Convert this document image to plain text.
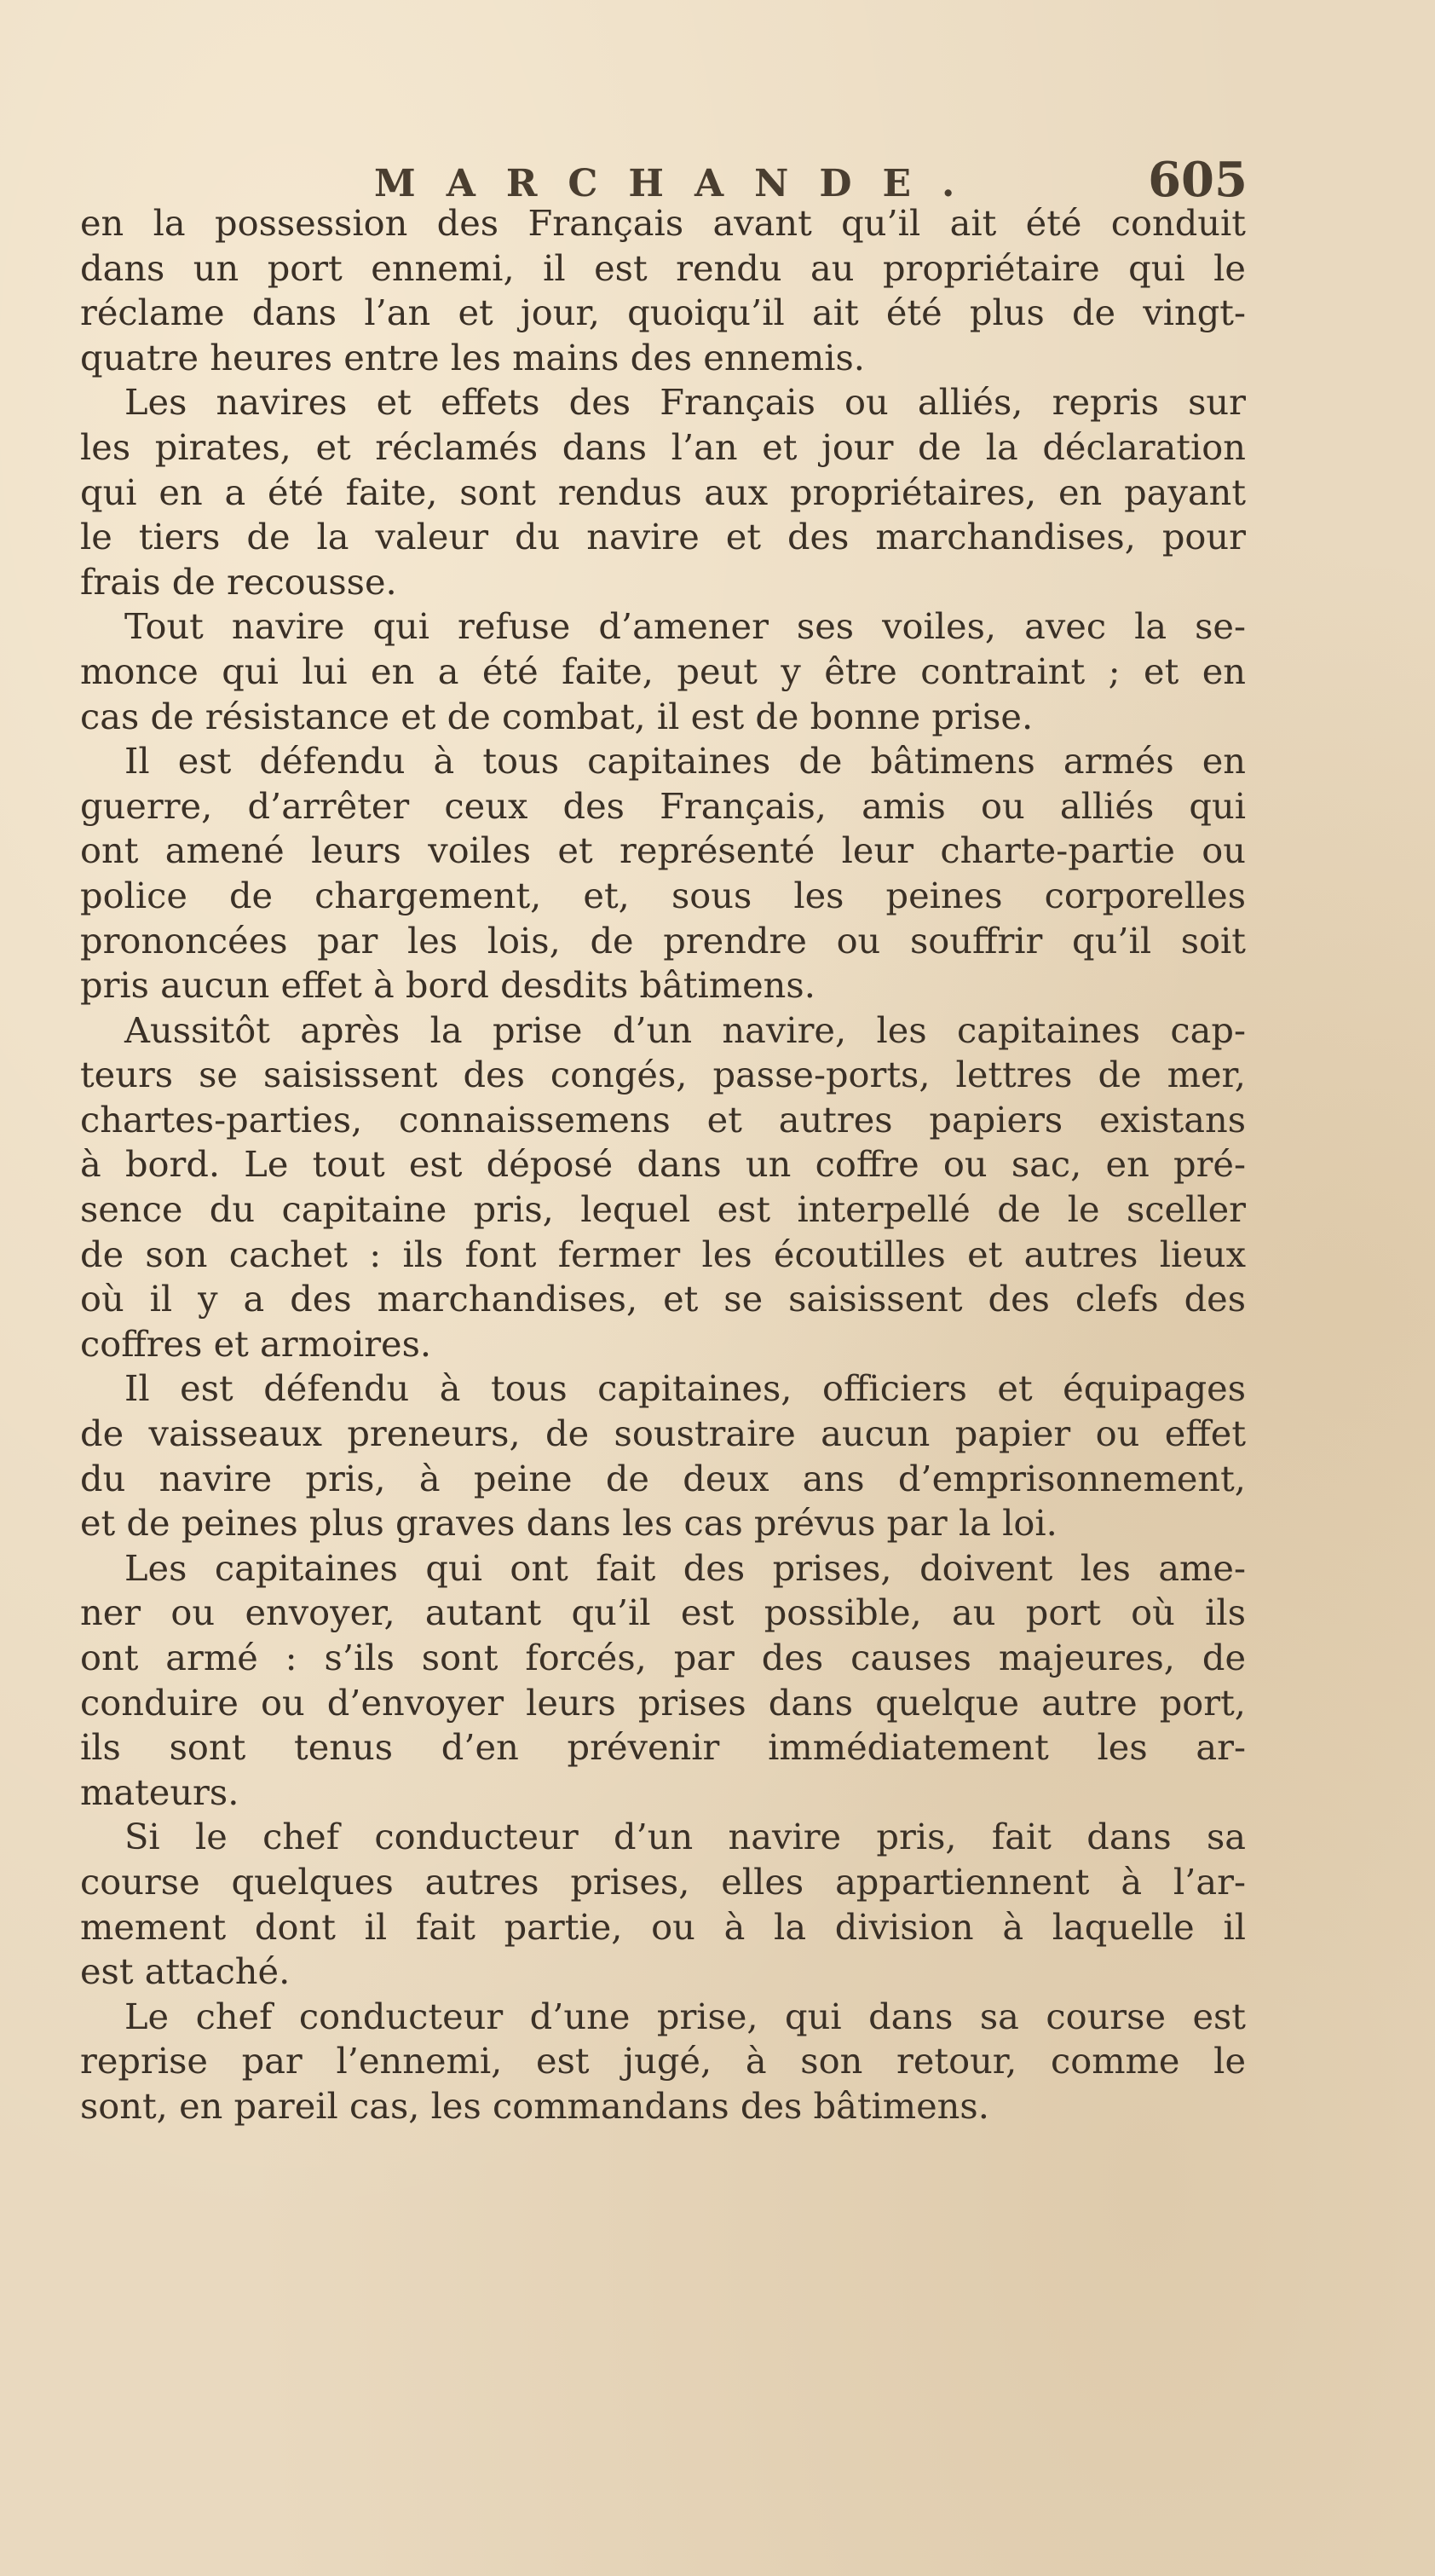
MARCHANDE.	605

en la possession des Français avant qu’il ait été conduit
dans un port ennemi, il est rendu au propriétaire qui le
réclame dans l’an et jour, quoiqu’il ait été plus de vingt-
quatre heures entre les mains des ennemis.

Les navires et effets des Français ou alliés, repris sur
les pirates, et réclamés dans l’an et jour de la déclaration
qui en a été faite, sont rendus aux propriétaires, en payant
le tiers de la valeur du navire et des marchandises, pour
frais de recousse.

Tout navire qui refuse d’amener ses voiles, avec la se-
monce qui lui en a été faite, peut y être contraint ; et en
cas de résistance et de combat, il est de bonne prise.

Il est défendu à tous capitaines de bâtimens armés en
guerre, d’arrêter ceux des Français, amis ou alliés qui
ont amené leurs voiles et représenté leur charte-partie ou
police de chargement, et, sous les peines corporelles
prononcées par les lois, de prendre ou souffrir qu’il soit
pris aucun effet à bord desdits bâtimens.

Aussitôt après la prise d’un navire, les capitaines cap-
teurs se saisissent des congés, passe-ports, lettres de mer,
chartes-parties, connaissemens et autres papiers existans
à bord. Le tout est déposé dans un coffre ou sac, en pré-
sence du capitaine pris, lequel est interpellé de le sceller
de son cachet : ils font fermer les écoutilles et autres lieux
où il y a des marchandises, et se saisissent des clefs des
coffres et armoires.

Il est défendu à tous capitaines, officiers et équipages
de vaisseaux preneurs, de soustraire aucun papier ou effet
du navire pris, à peine de deux ans d’emprisonnement,
et de peines plus graves dans les cas prévus par la loi.

Les capitaines qui ont fait des prises, doivent les ame-
ner ou envoyer, autant qu’il est possible, au port où ils
ont armé : s’ils sont forcés, par des causes majeures, de
conduire ou d’envoyer leurs prises dans quelque autre port,
ils sont tenus d’en prévenir immédiatement les ar-
mateurs.

Si le chef conducteur d’un navire pris, fait dans sa
course quelques autres prises, elles appartiennent à l’ar-
mement dont il fait partie, ou à la division à laquelle il
est attaché.

Le chef conducteur d’une prise, qui dans sa course est
reprise par l’ennemi, est jugé, à son retour, comme le
sont, en pareil cas, les commandans des bâtimens.
